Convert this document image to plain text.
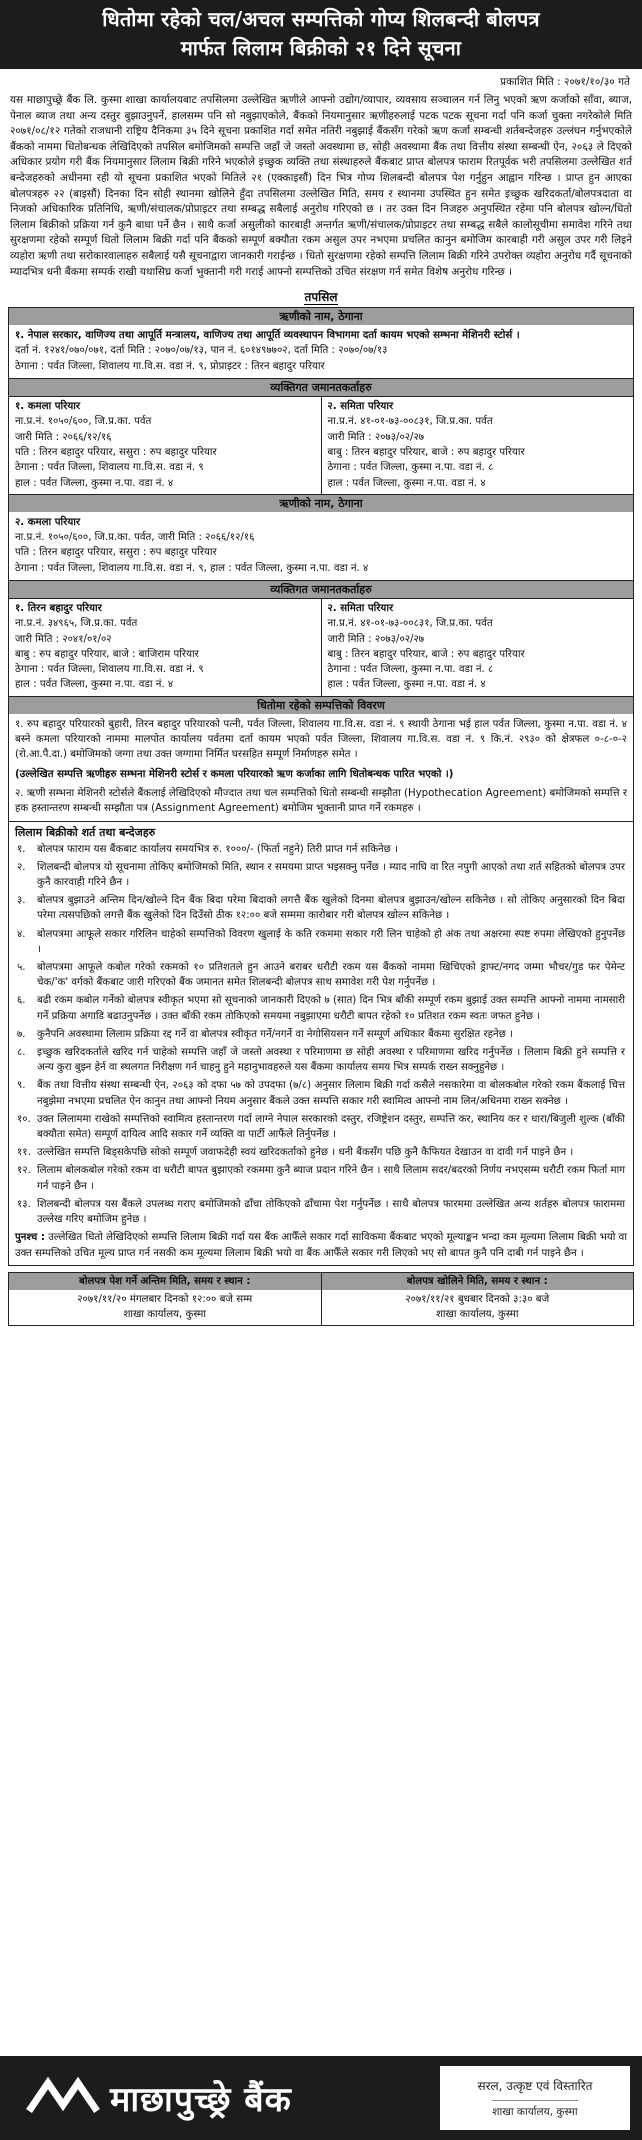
धितोमा रहेको चल/अचल सम्पत्तिको गोप्य शिलबन्दी बोलपत्र
मार्फत लिलाम बिक्रीको २१ दिने सूचना
प्रकाशित मिति : २०७१/१०/३० गते
यस माछापुच्छ्रे बैंक लि. कुस्मा शाखा कार्यालयबाट तपसिलमा उल्लेखित ऋणीले आफ्नो उद्योग/व्यापार, व्यवसाय सञ्चालन गर्न लिनु भएको ऋण कर्जाको साँवा, ब्याज, पेनाल ब्याज तथा अन्य दस्तुर बुझाउनुपर्ने, हालसम्म पनि सो नबुझाएकोले, बैंकको नियमानुसार ऋणीहरुलाई पटक पटक सूचना गर्दा पनि कर्जा चुक्ता नगरेकोले मिति २०७१/०८/१२ गतेको राजधानी राष्ट्रिय दैनिकमा ३५ दिने सूचना प्रकाशित गर्दा समेत नतिरी नबुझाई बैंकसँग गरेको ऋण कर्जा सम्बन्धी शर्तबन्देजहरु उल्लंघन गर्नुभएकोले बैंकको नाममा धितोबन्धक लेखिदिएको तपसिल बमोजिमको सम्पत्ति जहाँ जे जस्तो अवस्थामा छ, सोही अवस्थामा बैंक तथा वित्तीय संस्था सम्बन्धी ऐन, २०६३ ले दिएको अधिकार प्रयोग गरी बैंक नियमानुसार लिलाम बिक्री गरिने भएकोले इच्छुक व्यक्ति तथा संस्थाहरुले बैंकबाट प्राप्त बोलपत्र फाराम रितपूर्वक भरी तपसिलमा उल्लेखित शर्त बन्देजहरुको अधीनमा रही यो सूचना प्रकाशित भएको मितिले २१ (एक्काइसौं) दिन भित्र गोप्य शिलबन्दी बोलपत्र पेश गर्नुहुन आह्वान गरिन्छ । प्राप्त हुन आएका बोलपत्रहरु २२ (बाइसौं) दिनका दिन सोही स्थानमा खोलिने हुँदा तपसिलमा उल्लेखित मिति, समय र स्थानमा उपस्थित हुन समेत इच्छुक खरिदकर्ता/बोलपत्रदाता वा निजको अधिकारिक प्रतिनिधि, ऋणी/संचालक/प्रोप्राइटर तथा सम्बद्ध सबैलाई अनुरोध गरिएको छ । तर उक्त दिन निजहरु अनुपस्थित रहेमा पनि बोलपत्र खोल्न/धितो लिलाम बिक्रीको प्रक्रिया गर्न कुनै बाधा पर्ने छैन । साथै कर्जा असुलीको कारबाही अन्तर्गत ऋणी/संचालक/प्रोप्राइटर तथा सम्बद्ध सबैले कालोसूचीमा समावेश गरिने तथा सुरक्षणमा रहेको सम्पूर्ण धितो लिलाम बिक्री गर्दा पनि बैंकको सम्पूर्ण बक्यौता रकम असुल उपर नभएमा प्रचलित कानुन बमोजिम कारबाही गरी असुल उपर गरी लिइने व्यहोरा ऋणी तथा सरोकारवालाहरु सबैलाई यसै सूचनाद्वारा जानकारी गराईन्छ । धितो सुरक्षणमा रहेको सम्पत्ति लिलाम बिक्री गरिने उपरोक्त व्यहोरा अनुरोध गर्दै सूचनाको म्यादभित्र धनी बैंकमा सम्पर्क राखी यथासिघ्र कर्जा भुक्तानी गरी गराई आफ्नो सम्पत्तिको उचित संरक्षण गर्न समेत विशेष अनुरोध गरिन्छ ।
तपसिल
ऋणीको नाम, ठेगाना
१. नेपाल सरकार, वाणिज्य तथा आपूर्ति मन्त्रालय, वाणिज्य तथा आपूर्ति व्यवस्थापन विभागमा दर्ता कायम भएको सम्भना मेशिनरी स्टोर्स ।
दर्ता नं. १२४१/०७०/०७१, दर्ता मिति : २०७०/०७/१३, पान नं. ६०१४९७७०२, दर्ता मिति : २०७०/०७/१३
ठेगाना : पर्वत जिल्ला, शिवालय गा.वि.स. वडा नं. ९, प्रोप्राइटर : तिरन बहादुर परियार
व्यक्तिगत जमानतकर्ताहरु
१. कमला परियार
ना.प्र.नं. १०५०/६००, जि.प्र.का. पर्वत
जारी मिति : २०६६/१२/१६
पति : तिरन बहादुर परियार, ससुरा : रुप बहादुर परियार
ठेगाना : पर्वत जिल्ला, शिवालय गा.वि.स. वडा नं. ९
हाल : पर्वत जिल्ला, कुस्मा न.पा. वडा नं. ४
२. समिता परियार
ना.प्र.नं. ४१-०१-७३-००८३१, जि.प्र.का. पर्वत
जारी मिति : २०७३/०२/२७
बाबु : तिरन बहादुर परियार, बाजे : रुप बहादुर परियार
ठेगाना : पर्वत जिल्ला, कुस्मा न.पा. वडा नं. ८
हाल : पर्वत जिल्ला, कुस्मा न.पा. वडा नं. ४
ऋणीको नाम, ठेगाना
२. कमला परियार
ना.प्र.नं. १०५०/६००, जि.प्र.का. पर्वत, जारी मिति : २०६६/१२/१६
पति : तिरन बहादुर परियार, ससुरा : रुप बहादुर परियार
ठेगाना : पर्वत जिल्ला, शिवालय गा.वि.स. वडा नं. ९, हाल : पर्वत जिल्ला, कुस्मा न.पा. वडा नं. ४
व्यक्तिगत जमानतकर्ताहरु
१. तिरन बहादुर परियार
ना.प्र.नं. ३४९६५, जि.प्र.का. पर्वत
जारी मिति : २०४१/०१/०२
बाबु : रुप बहादुर परियार, बाजे : बाजिराम परियार
ठेगाना : पर्वत जिल्ला, शिवालय गा.वि.स. वडा नं. ९
हाल : पर्वत जिल्ला, कुस्मा न.पा. वडा नं. ४
२. समिता परियार
ना.प्र.नं. ४१-०१-७३-००८३१, जि.प्र.का. पर्वत
जारी मिति : २०७३/०२/२७
बाबु : तिरन बहादुर परियार, बाजे : रुप बहादुर परियार
ठेगाना : पर्वत जिल्ला, कुस्मा न.पा. वडा नं. ८
हाल : पर्वत जिल्ला, कुस्मा न.पा. वडा नं. ४
धितोमा रहेको सम्पत्तिको विवरण
१. रुप बहादुर परियारको बुहारी, तिरन बहादुर परियारको पत्नी, पर्वत जिल्ला, शिवालय गा.वि.स. वडा नं. ९ स्थायी ठेगाना भई हाल पर्वत जिल्ला, कुस्मा न.पा. वडा नं. ४ बस्ने कमला परियारको नाममा मालपोत कार्यालय पर्वतमा दर्ता कायम भएको पर्वत जिल्ला, शिवालय गा.वि.स. वडा नं. ९ कि.नं. २९३० को क्षेत्रफल ०-८-०-२ (रो.आ.पै.दा.) बमोजिमको जग्गा तथा उक्त जग्गामा निर्मित घरसहित सम्पूर्ण निर्माणहरु समेत ।
(उल्लेखित सम्पत्ति ऋणीहरु सम्भना मेशिनरी स्टोर्स र कमला परियारको ऋण कर्जाका लागि धितोबन्धक पारित भएको ।)
२. ऋणी सम्भना मेशिनरी स्टोर्सले बैंकलाई लेखिदिएको मौज्दात तथा चल सम्पत्तिको धितो सम्बन्धी सम्झौता (Hypothecation Agreement) बमोजिमको सम्पत्ति र हक हस्तान्तरण सम्बन्धी सम्झौता पत्र (Assignment Agreement) बमोजिम भुक्तानी प्राप्त गर्ने रकमहरु ।
लिलाम बिक्रीको शर्त तथा बन्देजहरु
१.	बोलपत्र फाराम यस बैंकबाट कार्यालय समयभित्र रु. १०००/- (फिर्ता नहुने) तिरी प्राप्त गर्न सकिनेछ ।
२.	शिलबन्दी बोलपत्र यो सूचनामा तोकिए बमोजिमको मिति, स्थान र समयमा प्राप्त भइसक्नु पर्नेछ । म्याद नाघि वा रित नपुगी आएको तथा शर्त सहितको बोलपत्र उपर कुनै कारवाही गरिने छैन ।
३.	बोलपत्र बुझाउने अन्तिम दिन/खोल्ने दिन बैंक बिदा परेमा बिदाको लगत्तै बैंक खुलेको दिनमा बोलपत्र बुझाउन/खोल्न सकिनेछ । सो तोकिए अनुसारको दिन बिदा परेमा त्यसपछिको लगत्तै बैंक खुलेको दिन दिउँसो ठीक १२:०० बजे सम्ममा कारोबार गरी बोलपत्र खोल्न सकिनेछ ।
४.	बोलपत्रमा आफूले सकार गरिलिन चाहेको सम्पत्तिको विवरण खुलाई के कति रकममा सकार गरी लिन चाहेको हो अंक तथा अक्षरमा स्पष्ट रुपमा लेखिएको हुनुपर्नेछ ।
५.	बोलपत्रमा आफूले कबोल गरेको रकमको १० प्रतिशतले हुन आउने बराबर धरौटी रकम यस बैंकको नाममा खिचिएको ड्राफ्ट/नगद जम्मा भौचर/गुड फर ‌पेमेन्ट चेक/'क' वर्गको बैंकबाट जारी गरिएको बैंक जमानत समेत शिलबन्दी बोलपत्र साथ समावेश गरी पेश गर्नुपर्नेछ ।
६.	बढी रकम कबोल गर्नेको बोलपत्र स्वीकृत भएमा सो सूचनाको जानकारी दिएको ७ (सात) दिन भित्र बाँकी सम्पूर्ण रकम बुझाई उक्त सम्पत्ति आफ्नो नाममा नामसारी गर्ने प्रक्रिया अगाडि बढाउनुपर्नेछ । उक्त बाँकी रकम तोकिएको समयमा नबुझाएमा धरौटी बापत रहेको १० प्रतिशत रकम स्वतः जफत हुनेछ ।
७.	कुनैपनि अवस्थामा लिलाम प्रक्रिया रद्द गर्ने वा बोलपत्र स्वीकृत गर्ने/नगर्ने वा नेगोसियसन गर्ने सम्पूर्ण अधिकार बैंकमा सुरक्षित रहनेछ ।
८.	इच्छुक खरिदकर्ताले खरिद गर्न चाहेको सम्पत्ति जहाँ जे जस्तो अवस्था र परिमाणमा छ सोही अवस्था र परिमाणमा खरिद गर्नुपर्नेछ । लिलाम बिक्री हुने सम्पत्ति र अन्य कुरा बुझ्न हेर्न वा स्थलगत निरीक्षण गर्न चाहनु हुने महानुभावहरुले यस बैंकमा कार्यालय समय भित्र सम्पर्क राख्न सक्नुहुनेछ ।
९.	बैंक तथा वित्तीय संस्था सम्बन्धी ऐन, २०६३ को दफा ५७ को उपदफा (७/८) अनुसार लिलाम बिक्री गर्दा कसैले नसकारेमा वा बोलकबोल गरेको रकम बैंकलाई चित्त नबुझेमा नभएमा प्रचलित ऐन कानुन तथा आफ्नो नियम अनुसार बैंकले उक्त सम्पत्ति सकार गरी स्वामित्व आफ्नो नाम लिन/अधिनमा राख्न सक्नेछ ।
१०. उक्त लिलाममा राखेको सम्पत्तिको स्वामित्व हस्तान्तरण गर्दा लाग्ने नेपाल सरकारको दस्तुर, रजिष्ट्रेशन दस्तुर, सम्पत्ति कर, स्थानिय कर र धारा/बिजुली शुल्क (बाँकी बक्यौता समेत) सम्पूर्ण दायित्व आदि सकार गर्ने व्यक्ति वा पार्टी आफैंले तिर्नुपर्नेछ ।
११. उल्लेखित सम्पत्ति बिड्सकेपछि सोको सम्पूर्ण जवाफदेही स्वयं खरिदकर्ताको हुनेछ । धनी बैंकसँग पछि कुनै कैफियत देखाउन वा दावी गर्न पाइने छैन ।
१२. लिलाम बोलकबोल गरेको रकम वा धरौटी बापत बुझाएको रकममा कुनै ब्याज प्रदान गरिने छैन । साथै लिलाम सदर/बदरको निर्णय नभएसम्म धरौटी रकम फिर्ता माग गर्न पाइने छैन ।
१३. शिलबन्दी बोलपत्र यस बैंकले उपलब्ध गराए बमोजिमको ढाँचा तोकिएको ढाँचामा पेश गर्नुपर्नेछ । साथै बोलपत्र फारममा उल्लेखित अन्य शर्तहरु बोलपत्र फाराममा उल्लेख गरिए बमोजिम हुनेछ ।
पुनश्च : उल्लेखित धितो लेखिदिएको सम्पत्ति लिलाम बिक्री गर्दा यस बैंक आफैँले सकार गर्दा साविकमा बैंकबाट भएको मूल्याङ्कन भन्दा कम मूल्यमा लिलाम बिक्री भयो वा उक्त सम्पत्तिको उचित मूल्य प्राप्त गर्न नसकी कम मूल्यमा लिलाम बिक्री भयो वा बैंक आफैँले सकार गरी लिएको भए सो बापत कुनै पनि दाबी गर्न पाइने छैन ।
बोलपत्र पेश गर्ने अन्तिम मिति, समय र स्थान :
२०७१/११/२० मंगलबार दिनको १२:०० बजे सम्म
शाखा कार्यालय, कुस्मा
बोलपत्र खोलिने मिति, समय र स्थान :
२०७१/११/२१ बुधबार दिनको ३:३० बजे
शाखा कार्यालय, कुस्मा
माछापुच्छ्रे बैंक	सरल, उत्कृष्ट एवं विस्तारित
शाखा कार्यालय, कुस्मा
